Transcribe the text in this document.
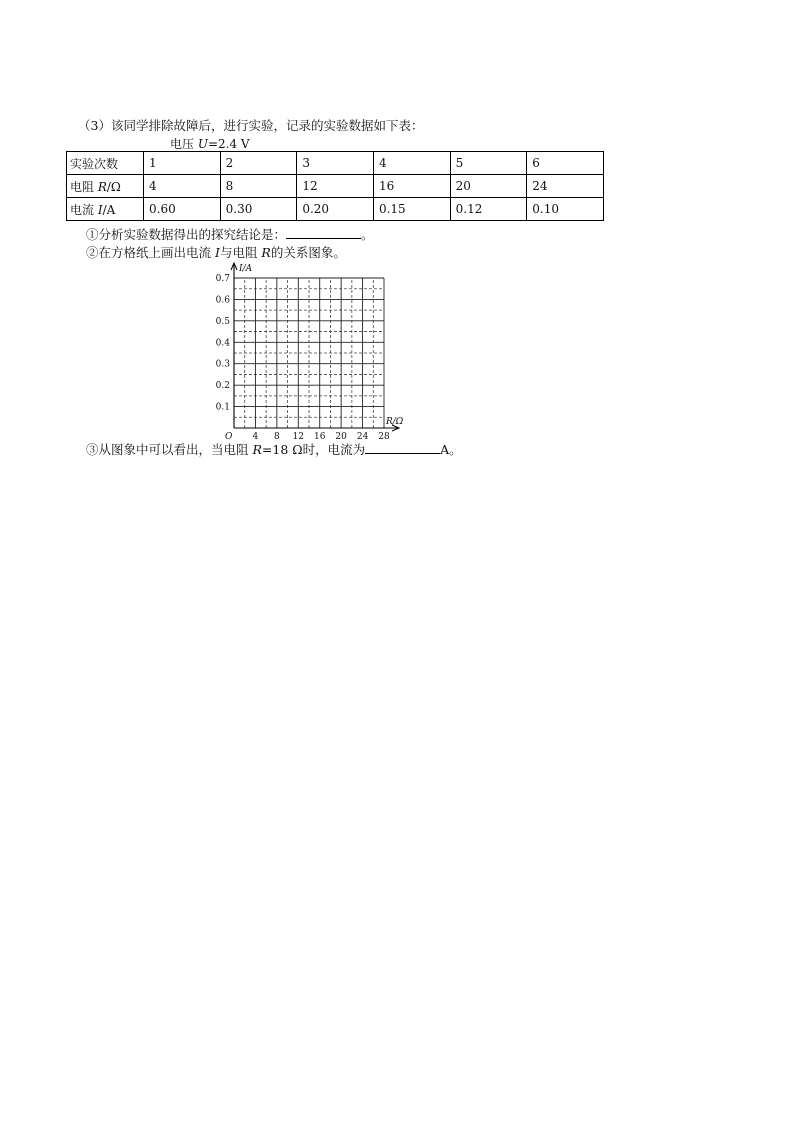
（3）该同学排除故障后，进行实验，记录的实验数据如下表：
电压 U=2.4 V
实验次数	1	2	3	4	5	6
电阻 R/Ω	4	8	12	16	20	24
电流 I/A	0.60	0.30	0.20	0.15	0.12	0.10
①分析实验数据得出的探究结论是：	。
②在方格纸上画出电流 I与电阻 R的关系图象。
4 8 12 16 20 24 28
0.1
0.2
0.3
0.4
0.5
0.6
0.7
I/A
R/Ω
O
③从图象中可以看出，当电阻 R=18 Ω时，电流为	A。
